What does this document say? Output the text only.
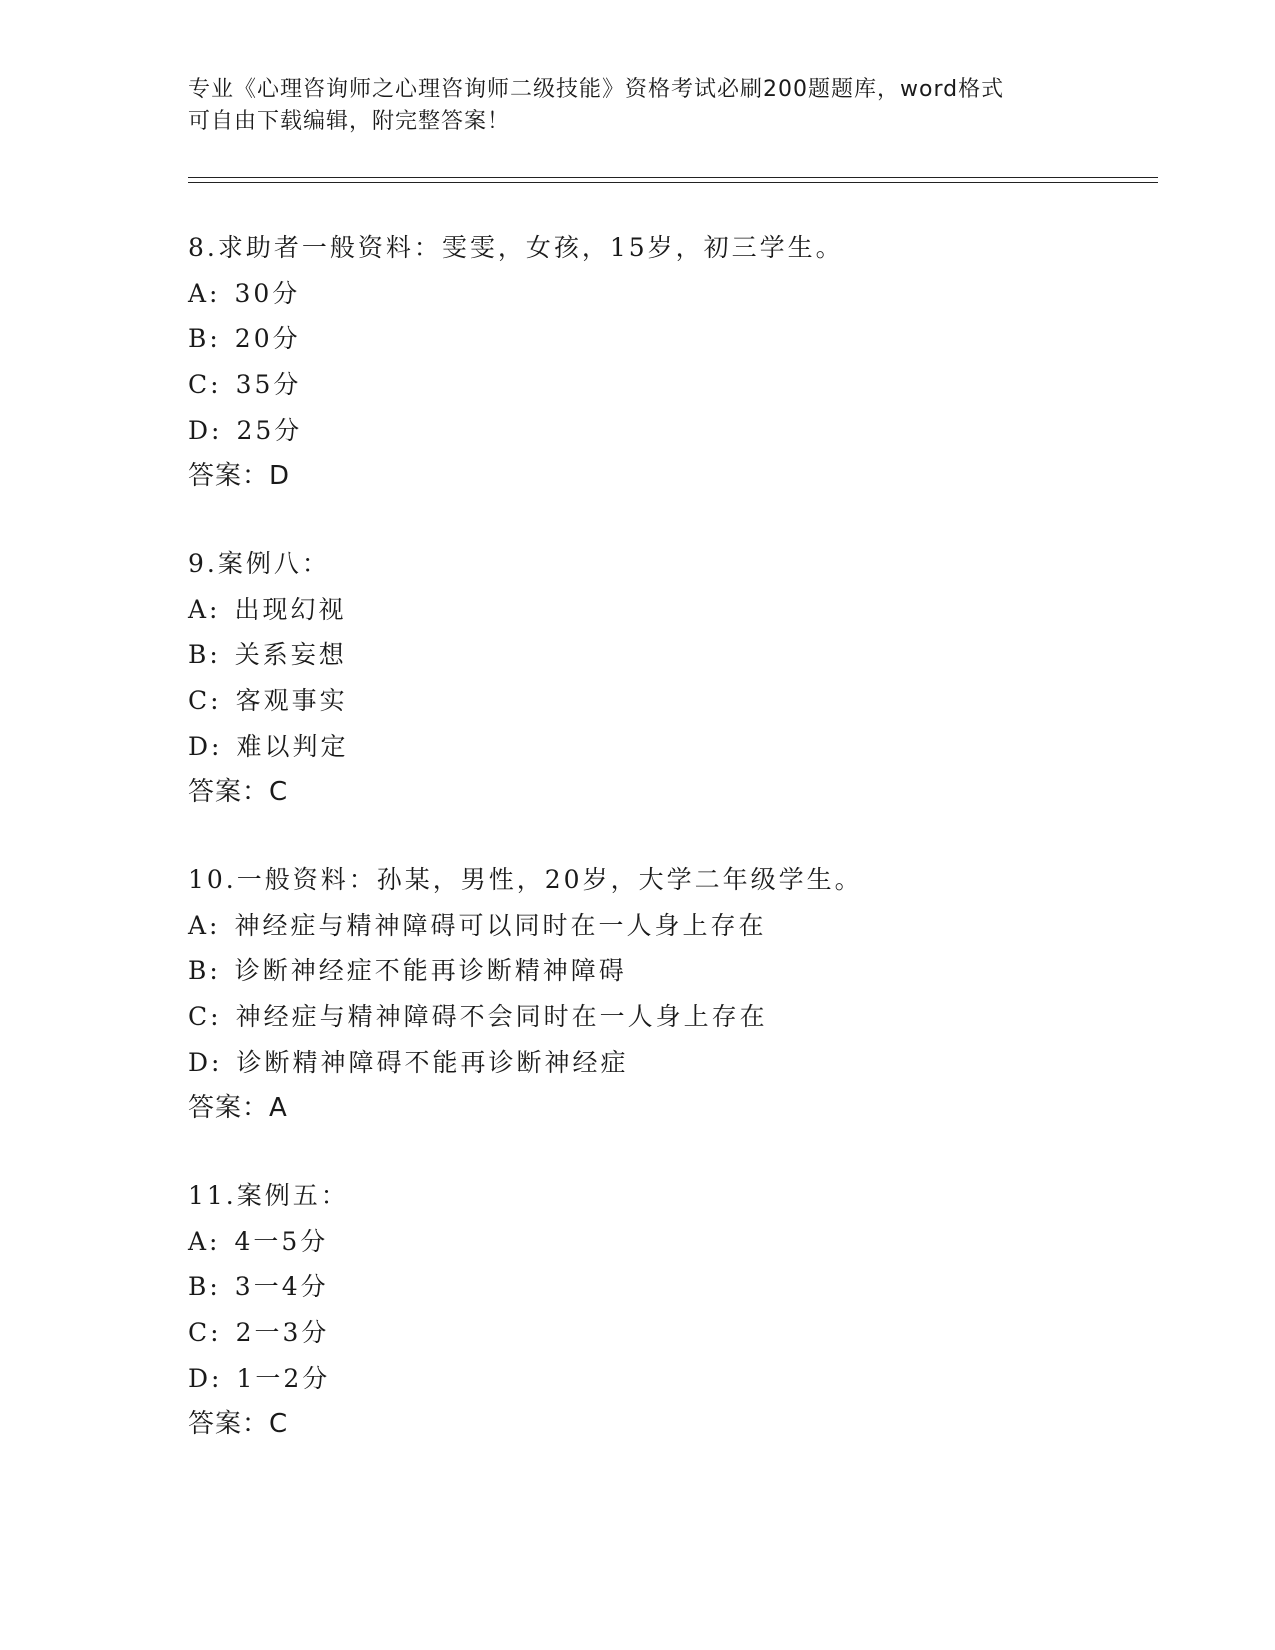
专业《心理咨询师之心理咨询师二级技能》资格考试必刷200题题库，word格式
可自由下载编辑，附完整答案！
8.求助者一般资料：雯雯，女孩，15岁，初三学生。
A: 30分
B: 20分
C: 35分
D: 25分
答案：D
9.案例八：
A: 出现幻视
B: 关系妄想
C: 客观事实
D: 难以判定
答案：C
10.一般资料：孙某，男性，20岁，大学二年级学生。
A: 神经症与精神障碍可以同时在一人身上存在
B: 诊断神经症不能再诊断精神障碍
C: 神经症与精神障碍不会同时在一人身上存在
D: 诊断精神障碍不能再诊断神经症
答案：A
11.案例五：
A: 4一5分
B: 3一4分
C: 2一3分
D: 1一2分
答案：C
